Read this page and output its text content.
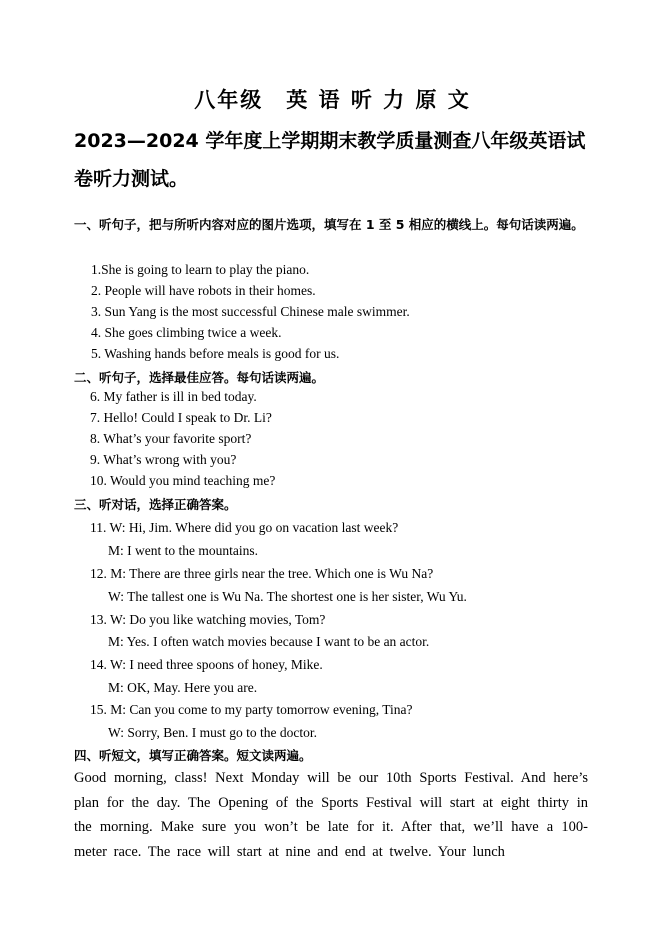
八年级　英 语 听 力 原 文
2023—2024 学年度上学期期末教学质量测查八年级英语试卷听力测试。
一、听句子，把与所听内容对应的图片选项，填写在 1 至 5 相应的横线上。每句话读两遍。
1.She is going to learn to play the piano.
2. People will have robots in their homes.
3. Sun Yang is the most successful Chinese male swimmer.
4. She goes climbing twice a week.
5. Washing hands before meals is good for us.
二、听句子，选择最佳应答。每句话读两遍。
6. My father is ill in bed today.
7. Hello! Could I speak to Dr. Li?
8. What’s your favorite sport?
9. What’s wrong with you?
10. Would you mind teaching me?
三、听对话，选择正确答案。
11. W: Hi, Jim. Where did you go on vacation last week?
M: I went to the mountains.
12. M: There are three girls near the tree. Which one is Wu Na?
W: The tallest one is Wu Na. The shortest one is her sister, Wu Yu.
13. W: Do you like watching movies, Tom?
M: Yes. I often watch movies because I want to be an actor.
14. W: I need three spoons of honey, Mike.
M: OK, May. Here you are.
15. M: Can you come to my party tomorrow evening, Tina?
W: Sorry, Ben. I must go to the doctor.
四、听短文，填写正确答案。短文读两遍。
Good morning, class! Next Monday will be our 10th Sports Festival. And here’s plan for the day. The Opening of the Sports Festival will start at eight thirty in the morning. Make sure you won’t be late for it. After that, we’ll have a 100-meter race. The race will start at nine and end at twelve. Your lunch
